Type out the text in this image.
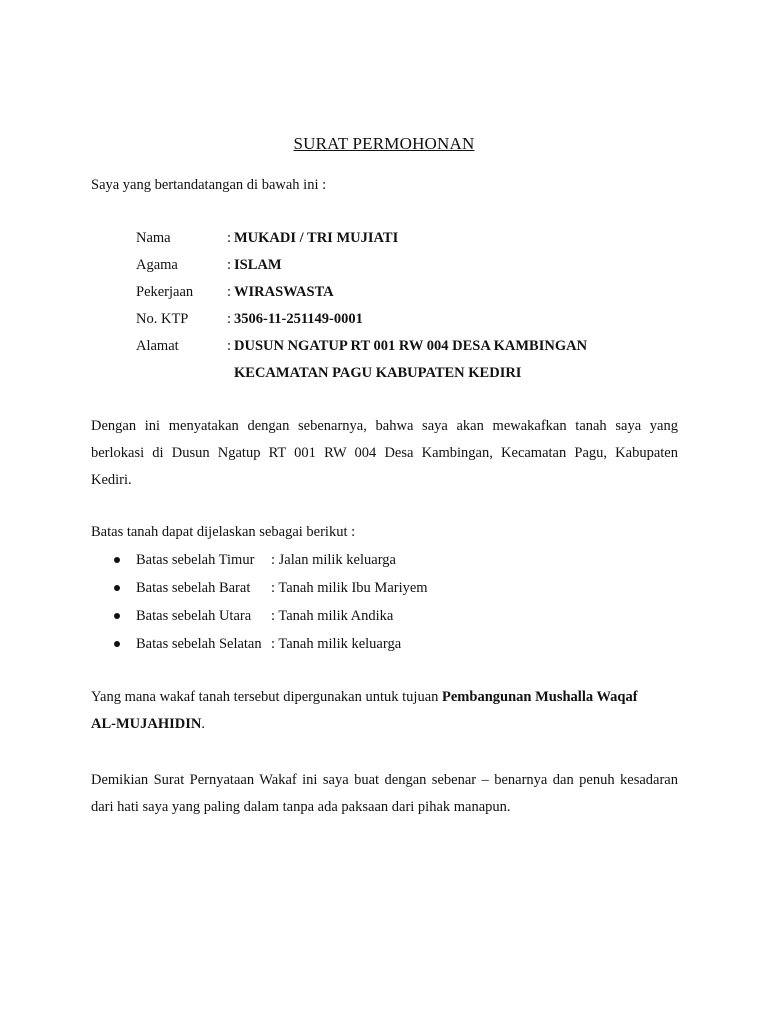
SURAT PERMOHONAN
Saya yang bertandatangan di bawah ini :
Nama	: MUKADI / TRI MUJIATI
Agama	: ISLAM
Pekerjaan : WIRASWASTA
No. KTP	: 3506-11-251149-0001
Alamat	: DUSUN NGATUP RT 001 RW 004 DESA KAMBINGAN
KECAMATAN PAGU KABUPATEN KEDIRI
Dengan ini menyatakan dengan sebenarnya, bahwa saya akan mewakafkan tanah saya yang
berlokasi di Dusun Ngatup RT 001 RW 004 Desa Kambingan, Kecamatan Pagu, Kabupaten
Kediri.
Batas tanah dapat dijelaskan sebagai berikut :
Batas sebelah Timur : Jalan milik keluarga
Batas sebelah Barat : Tanah milik Ibu Mariyem
Batas sebelah Utara : Tanah milik Andika
Batas sebelah Selatan : Tanah milik keluarga
Yang mana wakaf tanah tersebut dipergunakan untuk tujuan Pembangunan Mushalla Waqaf
AL-MUJAHIDIN.
Demikian Surat Pernyataan Wakaf ini saya buat dengan sebenar – benarnya dan penuh kesadaran
dari hati saya yang paling dalam tanpa ada paksaan dari pihak manapun.
